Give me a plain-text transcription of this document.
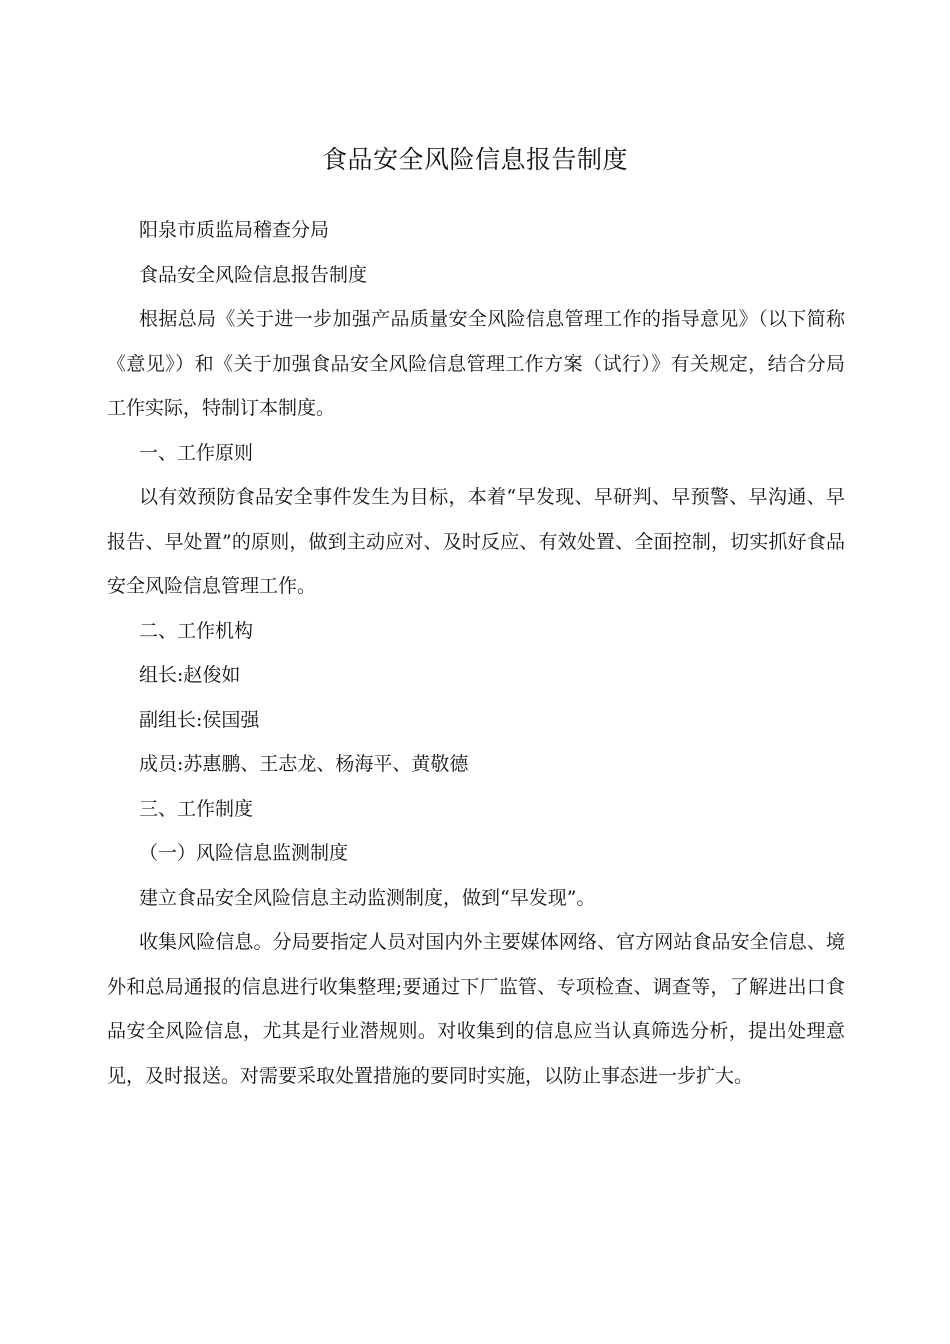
食品安全风险信息报告制度

阳泉市质监局稽查分局

食品安全风险信息报告制度

根据总局《关于进一步加强产品质量安全风险信息管理工作的指导意见》（以下简称《意见》）和《关于加强食品安全风险信息管理工作方案（试行）》有关规定，结合分局工作实际，特制订本制度。

一、工作原则

以有效预防食品安全事件发生为目标，本着“早发现、早研判、早预警、早沟通、早报告、早处置”的原则，做到主动应对、及时反应、有效处置、全面控制，切实抓好食品安全风险信息管理工作。

二、工作机构

组长:赵俊如

副组长:侯国强

成员:苏惠鹏、王志龙、杨海平、黄敬德

三、工作制度

（一）风险信息监测制度

建立食品安全风险信息主动监测制度，做到“早发现”。

收集风险信息。分局要指定人员对国内外主要媒体网络、官方网站食品安全信息、境外和总局通报的信息进行收集整理;要通过下厂监管、专项检查、调查等，了解进出口食品安全风险信息，尤其是行业潜规则。对收集到的信息应当认真筛选分析，提出处理意见，及时报送。对需要采取处置措施的要同时实施，以防止事态进一步扩大。
